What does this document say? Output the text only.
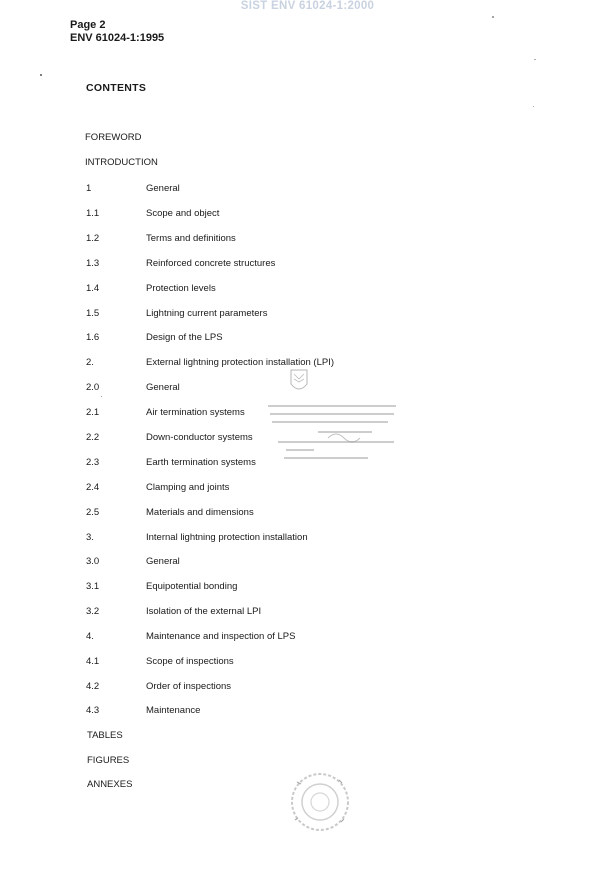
SIST ENV 61024-1:2000
Page 2
ENV 61024-1:1995
CONTENTS
FOREWORD
INTRODUCTION
1	General
1.1	Scope and object
1.2	Terms and definitions
1.3	Reinforced concrete structures
1.4	Protection levels
1.5	Lightning current parameters
1.6	Design of the LPS
2.	External lightning protection installation (LPI)
2.0	General
2.1	Air termination systems
2.2	Down-conductor systems
2.3	Earth termination systems
2.4	Clamping and joints
2.5	Materials and dimensions
3.	Internal lightning protection installation
3.0	General
3.1	Equipotential bonding
3.2	Isolation of the external LPI
4.	Maintenance and inspection of LPS
4.1	Scope of inspections
4.2	Order of inspections
4.3	Maintenance
TABLES
FIGURES
ANNEXES
